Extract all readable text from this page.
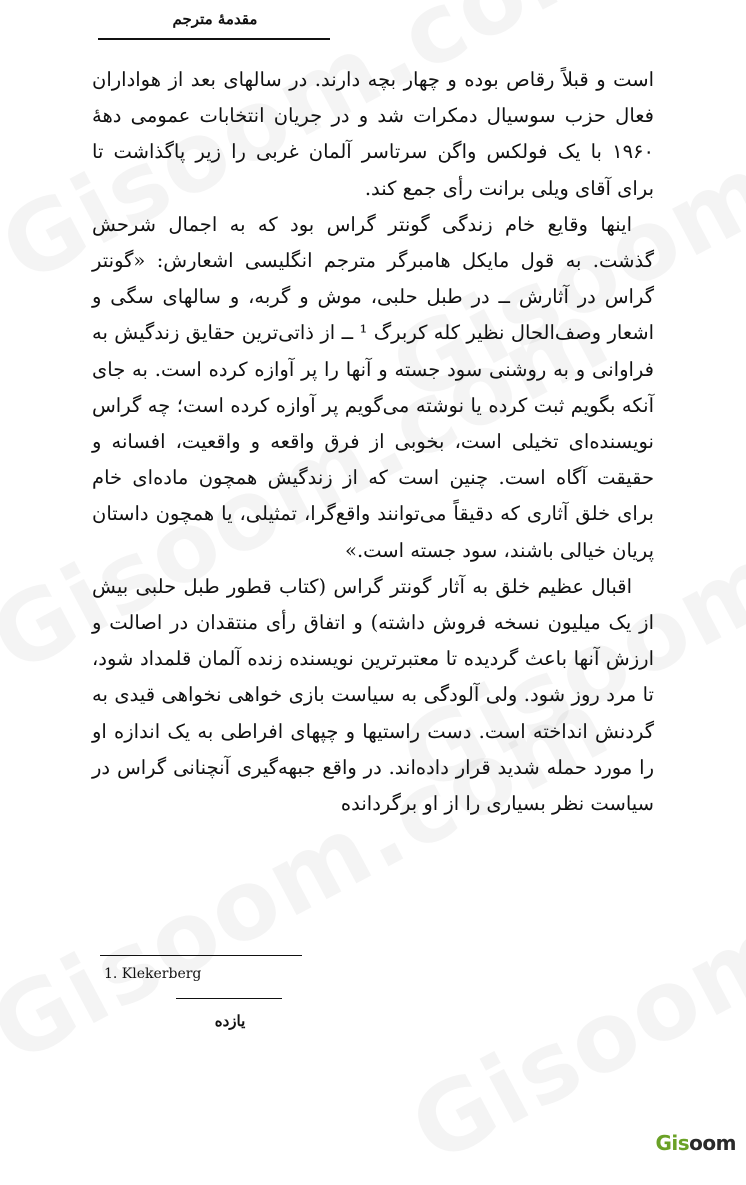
مقدمهٔ مترجم

است و قبلاً رقاص بوده و چهار بچه دارند. در سالهای بعد از هواداران فعال حزب سوسیال دمکرات شد و در جریان انتخابات عمومی دههٔ ۱۹۶۰ با یک فولکس واگن سرتاسر آلمان غربی را زیر پاگذاشت تا برای آقای ویلی برانت رأی جمع کند.

اینها وقایع خام زندگی گونتر گراس بود که به اجمال شرحش گذشت. به قول مایکل هامبرگر مترجم انگلیسی اشعارش: «گونتر گراس در آثارش ــ در طبل حلبی، موش و گربه، و سالهای سگی و اشعار وصف‌الحال نظیر کله کربرگ ¹ ــ از ذاتی‌ترین حقایق زندگیش به فراوانی و به روشنی سود جسته و آنها را پر آوازه کرده است. به جای آنکه بگویم ثبت کرده یا نوشته می‌گویم پر آوازه کرده است؛ چه گراس نویسنده‌ای تخیلی است، بخوبی از فرق واقعه و واقعیت، افسانه و حقیقت آگاه است. چنین است که از زندگیش همچون ماده‌ای خام برای خلق آثاری که دقیقاً می‌توانند واقع‌گرا، تمثیلی، یا همچون داستان پریان خیالی باشند، سود جسته است.»

اقبال عظیم خلق به آثار گونتر گراس (کتاب قطور طبل حلبی بیش از یک میلیون نسخه فروش داشته) و اتفاق رأی منتقدان در اصالت و ارزش آنها باعث گردیده تا معتبرترین نویسنده زنده آلمان قلمداد شود، تا مرد روز شود. ولی آلودگی به سیاست بازی خواهی نخواهی قیدی به گردنش انداخته است. دست راستیها و چپهای افراطی به یک اندازه او را مورد حمله شدید قرار داده‌اند. در واقع جبهه‌گیری آنچنانی گراس در سیاست نظر بسیاری را از او برگردانده

1. Klekerberg
یازده
Gisoom
